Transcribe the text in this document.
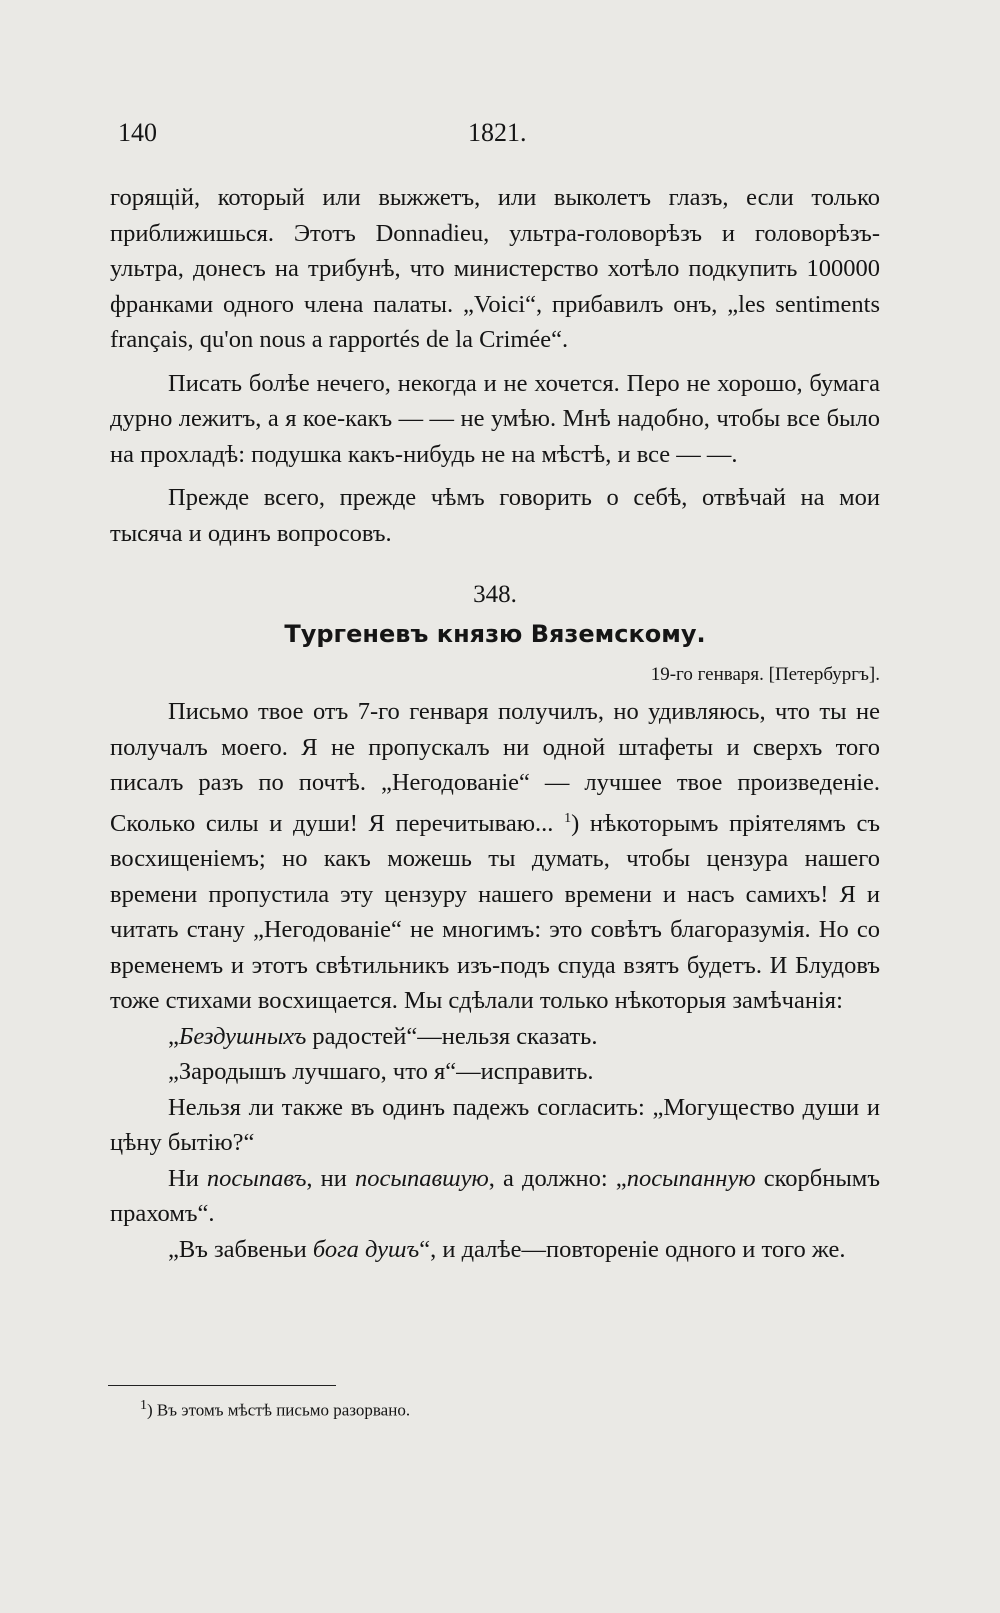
140	1821.

горящій, который или выжжетъ, или выколетъ глазъ, если только приближишься. Этотъ Donnadieu, ультра-головорѣзъ и головорѣзъ-ультра, донесъ на трибунѣ, что министерство хотѣло подкупить 100000 франками одного члена палаты. „Voici“, прибавилъ онъ, „les sentiments français, qu'on nous a rapportés de la Crimée“.

Писать болѣе нечего, некогда и не хочется. Перо не хорошо, бумага дурно лежитъ, а я кое-какъ — — не умѣю. Мнѣ надобно, чтобы все было на прохладѣ: подушка какъ-нибудь не на мѣстѣ, и все — —.

Прежде всего, прежде чѣмъ говорить о себѣ, отвѣчай на мои тысяча и одинъ вопросовъ.

348.

Тургеневъ князю Вяземскому.

19-го генваря. [Петербургъ].

Письмо твое отъ 7-го генваря получилъ, но удивляюсь, что ты не получалъ моего. Я не пропускалъ ни одной штафеты и сверхъ того писалъ разъ по почтѣ. „Негодованіе“ — лучшее твое произведеніе. Сколько силы и души! Я перечитываю... $^1$) нѣкоторымъ пріятелямъ съ восхищеніемъ; но какъ можешь ты думать, чтобы цензура нашего времени пропустила эту цензуру нашего времени и насъ самихъ! Я и читать стану „Негодованіе“ не многимъ: это совѣтъ благоразумія. Но со временемъ и этотъ свѣтильникъ изъ-подъ спуда взятъ будетъ. И Блудовъ тоже стихами восхищается. Мы сдѣлали только нѣкоторыя замѣчанія:

„Бездушныхъ радостей“—нельзя сказать.

„Зародышъ лучшаго, что я“—исправить.

Нельзя ли также въ одинъ падежъ согласить: „Могущество души и цѣну бытію?“

Ни посыпавъ, ни посыпавшую, а должно: „посыпанную скорбнымъ прахомъ“.

„Въ забвеньи бога душъ“, и далѣе—повтореніе одного и того же.

$^1$) Въ этомъ мѣстѣ письмо разорвано.
